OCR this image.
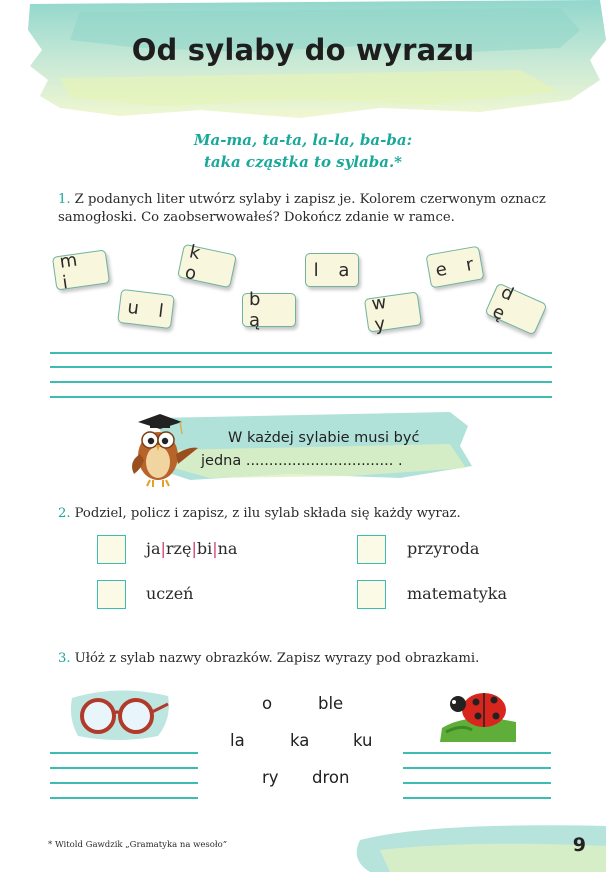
Od sylaby do wyrazu
Ma-ma, ta-ta, la-la, ba-ba:
taka cząstka to sylaba.*
1. Z podanych liter utwórz sylaby i zapisz je. Kolorem czerwonym oznacz
samogłoski. Co zaobserwowałeś? Dokończ zdanie w ramce.
m i
u l
k o
b ą
l a
w y
e r
d ę
W każdej sylabie musi być
jedna ................................ .
2. Podziel, policz i zapisz, z ilu sylab składa się każdy wyraz.
ja|rzę|bi|na	przyroda
uczeń	matematyka
3. Ułóż z sylab nazwy obrazków. Zapisz wyrazy pod obrazkami.
o	ble
la	ka	ku
ry dron
* Witold Gawdzik „Gramatyka na wesoło”	9
